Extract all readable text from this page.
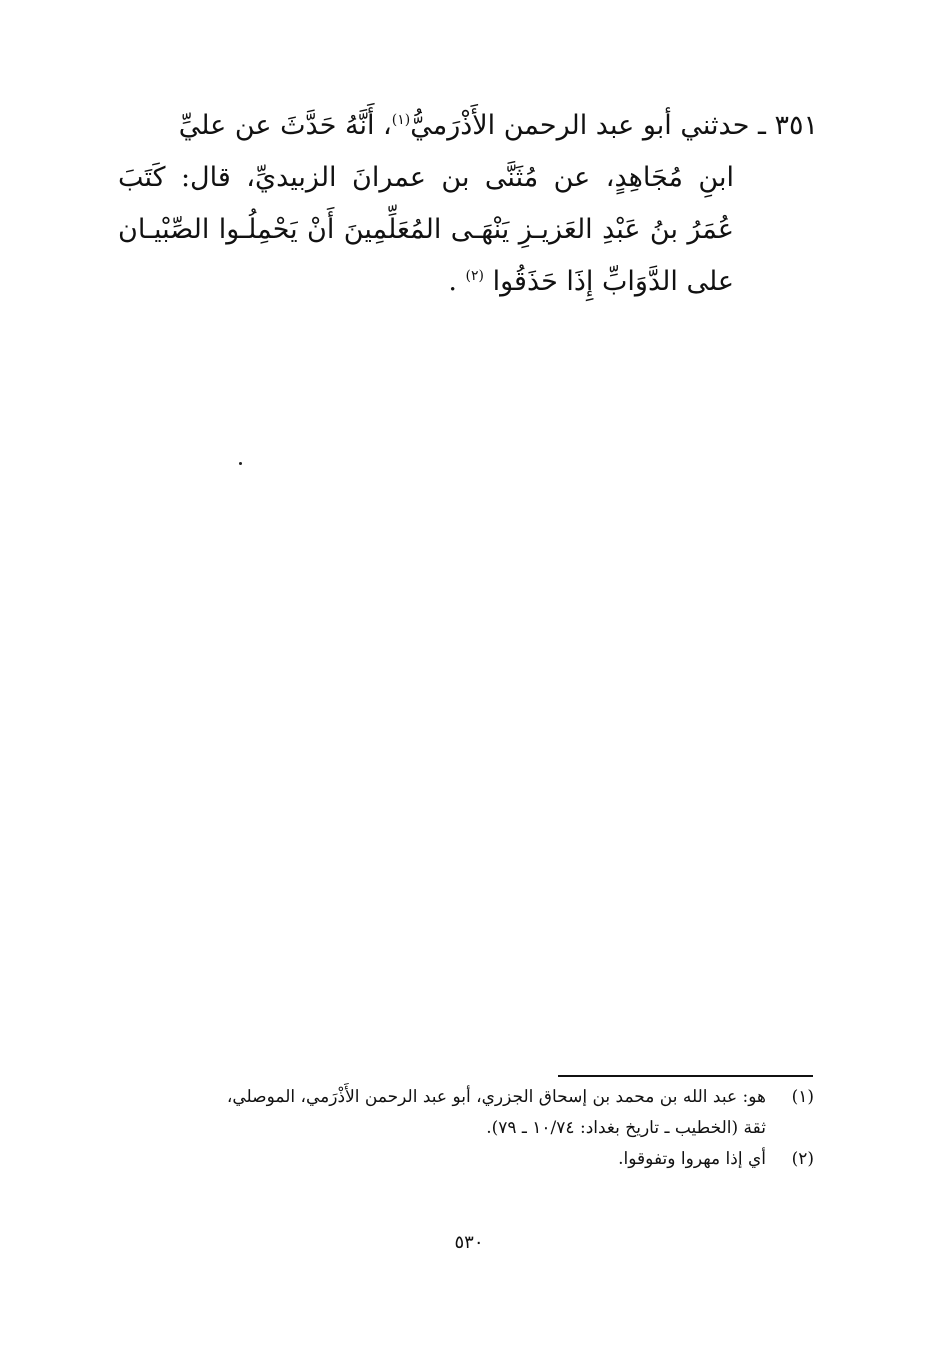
٣٥١ ـ حدثني أبو عبد الرحمن الأَذْرَميُّ$^{(١)}$، أَنَّهُ حَدَّثَ عن عليِّ
ابنِ مُجَاهِدٍ، عن مُثَنَّى بن عمرانَ الزبيديِّ، قال: كَتَبَ
عُمَرُ بنُ عَبْدِ العَزيـزِ يَنْهَـى المُعَلِّمِينَ أَنْ يَحْمِلُـوا الصِّبْيـان
على الدَّوَابِّ إِذَا حَذَقُوا $^{(٢)}$ .
(١)هو: عبد الله بن محمد بن إسحاق الجزري، أبو عبد الرحمن الأَذْرَمي، الموصلي،
ثقة (الخطيب ـ تاريخ بغداد: ١٠/٧٤ ـ ٧٩).
(٢)أي إذا مهروا وتفوقوا.
٥٣٠
